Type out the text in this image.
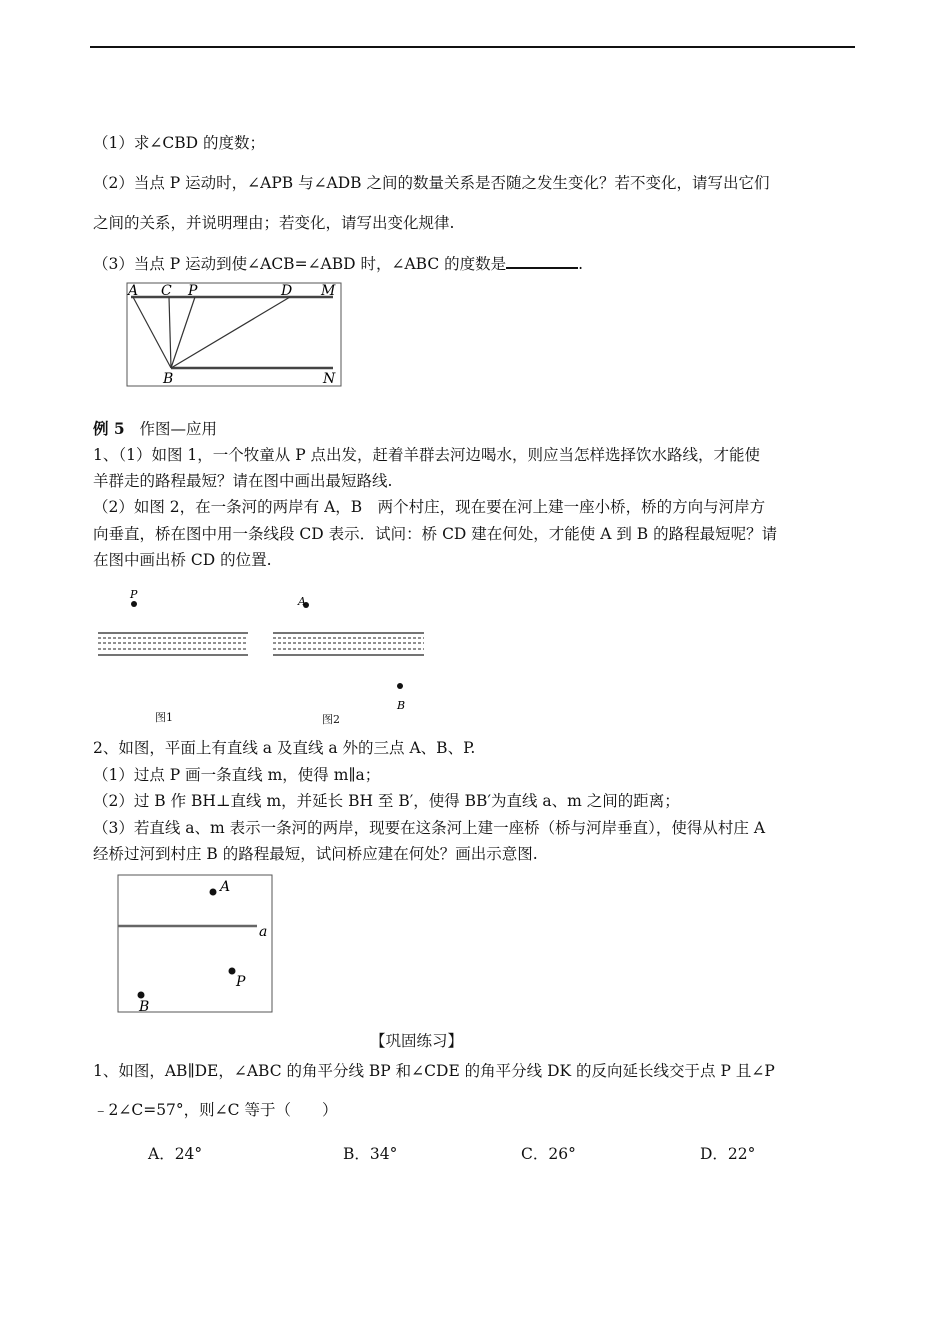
（1）求∠CBD 的度数；
（2）当点 P 运动时，∠APB 与∠ADB 之间的数量关系是否随之发生变化？若不变化，请写出它们
之间的关系，并说明理由；若变化，请写出变化规律.
（3）当点 P 运动到使∠ACB=∠ABD 时，∠ABC 的度数是	.
A C P	D M
B	N
例 5 作图—应用
1、（1）如图 1，一个牧童从 P 点出发，赶着羊群去河边喝水，则应当怎样选择饮水路线，才能使
羊群走的路程最短？请在图中画出最短路线.
（2）如图 2，在一条河的两岸有 A，B　两个村庄，现在要在河上建一座小桥，桥的方向与河岸方
向垂直，桥在图中用一条线段 CD 表示．试问：桥 CD 建在何处，才能使 A 到 B 的路程最短呢？请
在图中画出桥 CD 的位置.
P
A
B
图1	图2
2、如图，平面上有直线 a 及直线 a 外的三点 A、B、P.
（1）过点 P 画一条直线 m，使得 m∥a；
（2）过 B 作 BH⊥直线 m，并延长 BH 至 B′，使得 BB′为直线 a、m 之间的距离；
（3）若直线 a、m 表示一条河的两岸，现要在这条河上建一座桥（桥与河岸垂直），使得从村庄 A
经桥过河到村庄 B 的路程最短，试问桥应建在何处？画出示意图.
A
a
P
B
【巩固练习】
1、如图，AB∥DE，∠ABC 的角平分线 BP 和∠CDE 的角平分线 DK 的反向延长线交于点 P 且∠P
﹣2∠C=57°，则∠C 等于（　　）
A．24°	B．34°	C．26°	D．22°
